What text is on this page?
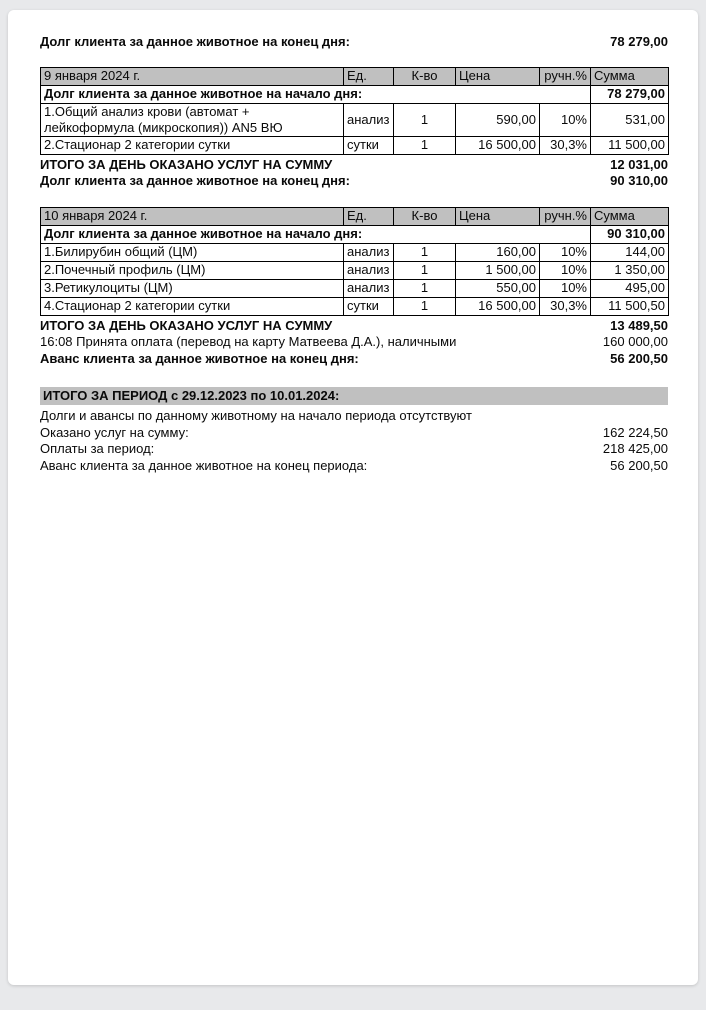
Долг клиента за данное животное на конец дня:	78 279,00
9 января 2024 г.	Ед.	К-во	Цена	ручн.%	Сумма
Долг клиента за данное животное на начало дня:					78 279,00
1.Общий анализ крови (автомат + лейкоформула (микроскопия)) AN5 ВЮ	анализ	1	590,00	10%	531,00
2.Стационар 2 категории сутки	сутки	1	16 500,00	30,3%	11 500,00
ИТОГО ЗА ДЕНЬ ОКАЗАНО УСЛУГ НА СУММУ	12 031,00
Долг клиента за данное животное на конец дня:	90 310,00
10 января 2024 г.	Ед.	К-во	Цена	ручн.%	Сумма
Долг клиента за данное животное на начало дня:					90 310,00
1.Билирубин общий (ЦМ)	анализ	1	160,00	10%	144,00
2.Почечный профиль (ЦМ)	анализ	1	1 500,00	10%	1 350,00
3.Ретикулоциты (ЦМ)	анализ	1	550,00	10%	495,00
4.Стационар 2 категории сутки	сутки	1	16 500,00	30,3%	11 500,50
ИТОГО ЗА ДЕНЬ ОКАЗАНО УСЛУГ НА СУММУ	13 489,50
16:08 Принята оплата (перевод на карту Матвеева Д.А.), наличными	160 000,00
Аванс клиента за данное животное на конец дня:	56 200,50
ИТОГО ЗА ПЕРИОД с 29.12.2023 по 10.01.2024:
Долги и авансы по данному животному на начало периода отсутствуют
Оказано услуг на сумму:	162 224,50
Оплаты за период:	218 425,00
Аванс клиента за данное животное на конец периода:	56 200,50
